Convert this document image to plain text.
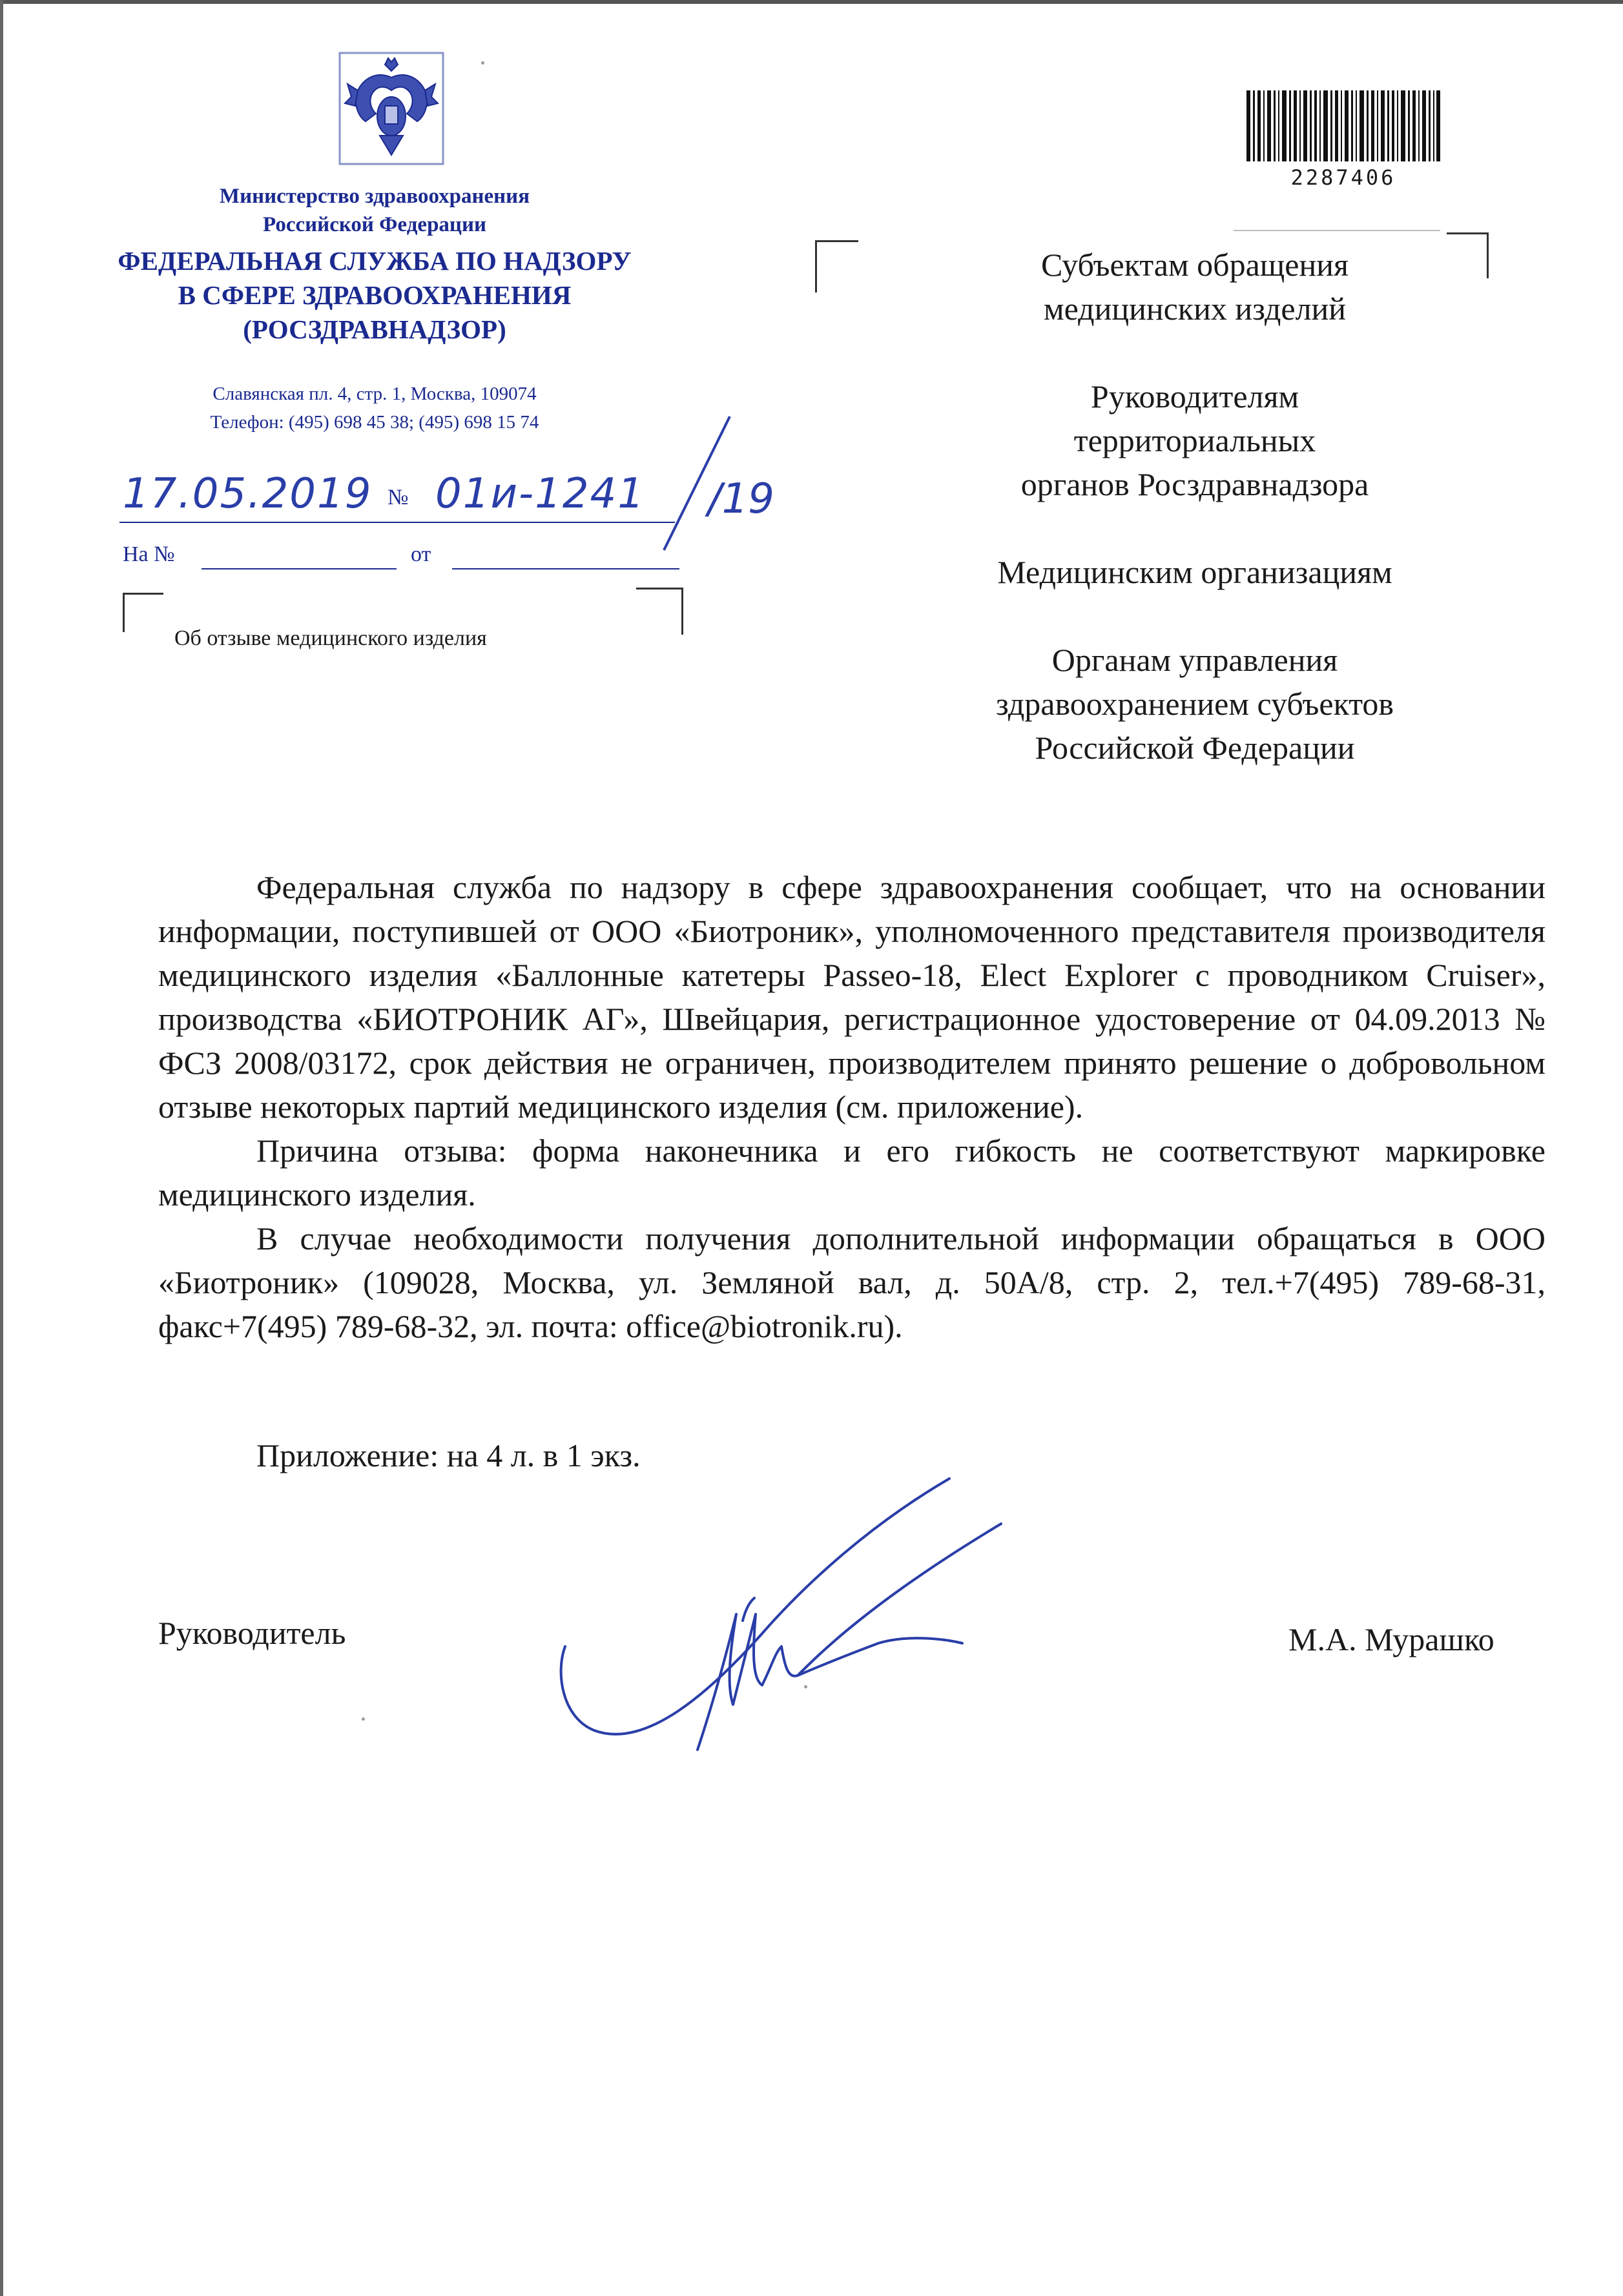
Министерство здравоохранения
Российской Федерации
ФЕДЕРАЛЬНАЯ СЛУЖБА ПО НАДЗОРУ
В СФЕРЕ ЗДРАВООХРАНЕНИЯ
(РОСЗДРАВНАДЗОР)
Славянская пл. 4, стр. 1, Москва, 109074
Телефон: (495) 698 45 38; (495) 698 15 74
17.05.2019 № 01и-1241 /19
На №	от
Об отзыве медицинского изделия
2287406
Субъектам обращения
медицинских изделий
Руководителям
территориальных
органов Росздравнадзора
Медицинским организациям
Органам управления
здравоохранением субъектов
Российской Федерации

Федеральная служба по надзору в сфере здравоохранения сообщает, что на основании информации, поступившей от ООО «Биотроник», уполномоченного представителя производителя медицинского изделия «Баллонные катетеры Passeo-18, Elect Explorer с проводником Cruiser», производства «БИОТРОНИК АГ», Швейцария, регистрационное удостоверение от 04.09.2013 № ФСЗ 2008/03172, срок действия не ограничен, производителем принято решение о добровольном отзыве некоторых партий медицинского изделия (см. приложение).

Причина отзыва: форма наконечника и его гибкость не соответствуют маркировке медицинского изделия.

В случае необходимости получения дополнительной информации обращаться в ООО «Биотроник» (109028, Москва, ул. Земляной вал, д. 50А/8, стр. 2, тел.+7(495) 789-68-31, факс+7(495) 789-68-32, эл. почта: office@biotronik.ru).

Приложение: на 4 л. в 1 экз.
Руководитель	М.А. Мурашко
